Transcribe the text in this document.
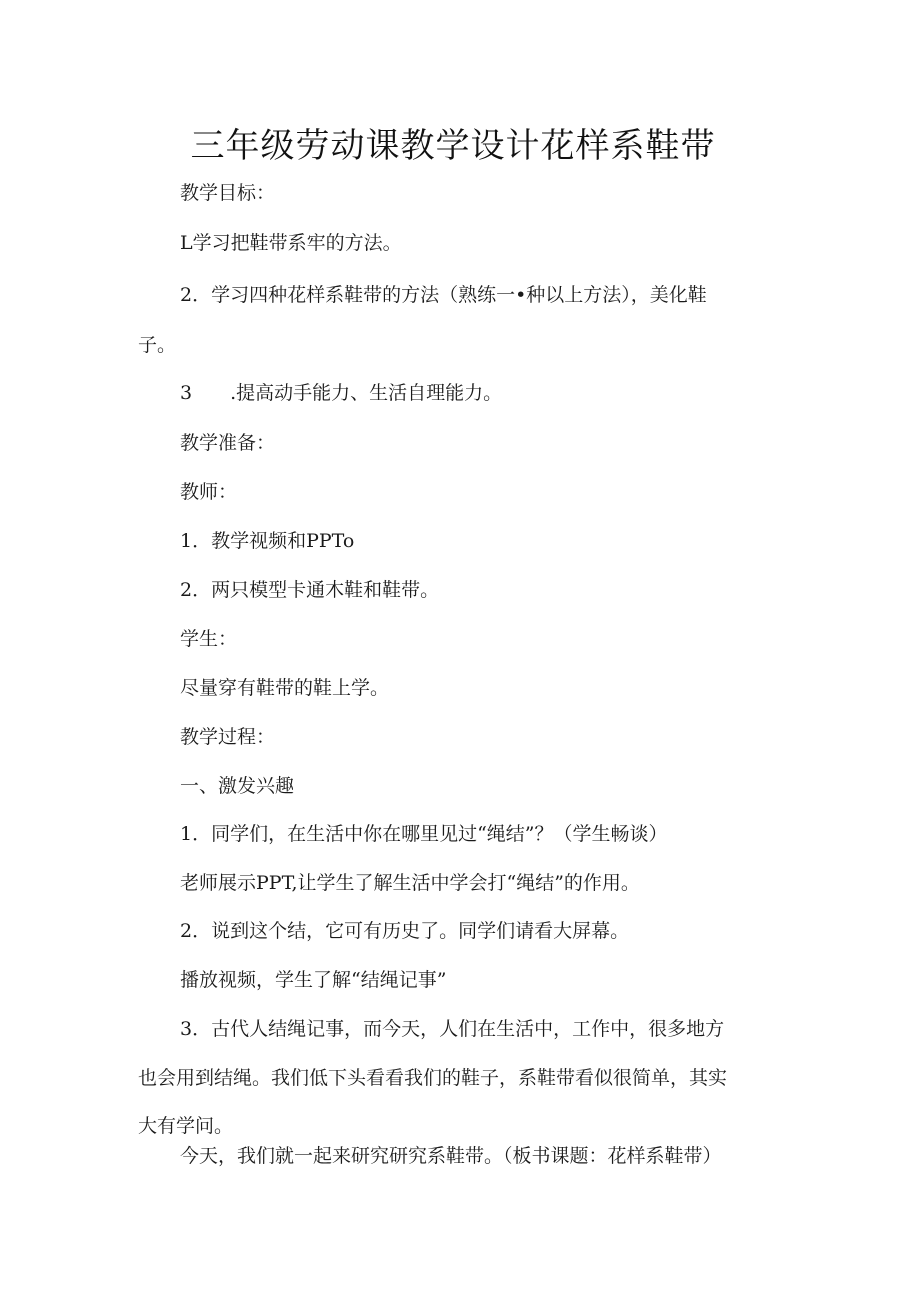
三年级劳动课教学设计花样系鞋带
教学目标：
L学习把鞋带系牢的方法。
2．学习四种花样系鞋带的方法（熟练一•种以上方法），美化鞋
子。
3　　.提高动手能力、生活自理能力。
教学准备：
教师：
1．教学视频和PPTo
2．两只模型卡通木鞋和鞋带。
学生：
尽量穿有鞋带的鞋上学。
教学过程：
一、激发兴趣
1．同学们，在生活中你在哪里见过“绳结”？（学生畅谈）
老师展示PPT,让学生了解生活中学会打“绳结”的作用。
2．说到这个结，它可有历史了。同学们请看大屏幕。
播放视频，学生了解“结绳记事”
3．古代人结绳记事，而今天，人们在生活中，工作中，很多地方
也会用到结绳。我们低下头看看我们的鞋子，系鞋带看似很简单，其实
大有学问。
今天，我们就一起来研究研究系鞋带。（板书课题：花样系鞋带）
